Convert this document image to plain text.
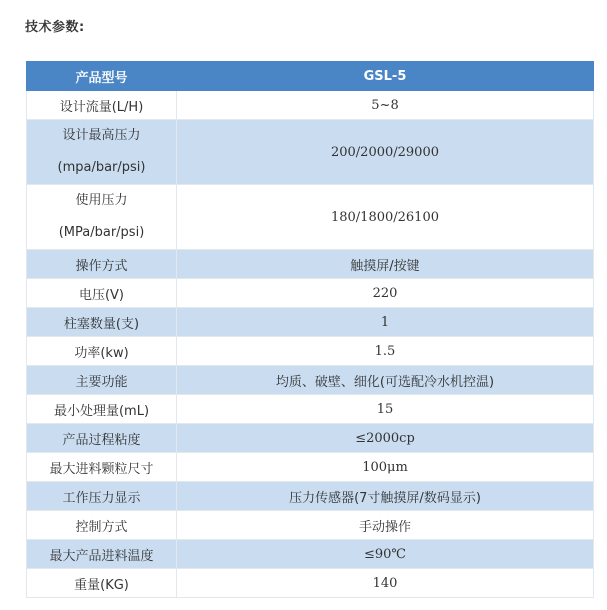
技术参数:
产品型号	GSL-5
设计流量(L/H)	5~8

设计最高压力
(mpa/bar/psi)	200/2000/29000

使用压力
(MPa/bar/psi)	180/1800/26100
操作方式	触摸屏/按键
电压(V)	220
柱塞数量(支)	1
功率(kw)	1.5
主要功能	均质、破壁、细化(可选配冷水机控温)
最小处理量(mL)	15
产品过程粘度	≤2000cp
最大进料颗粒尺寸	100μm
工作压力显示	压力传感器(7寸触摸屏/数码显示)
控制方式	手动操作
最大产品进料温度	≤90℃
重量(KG)	140
